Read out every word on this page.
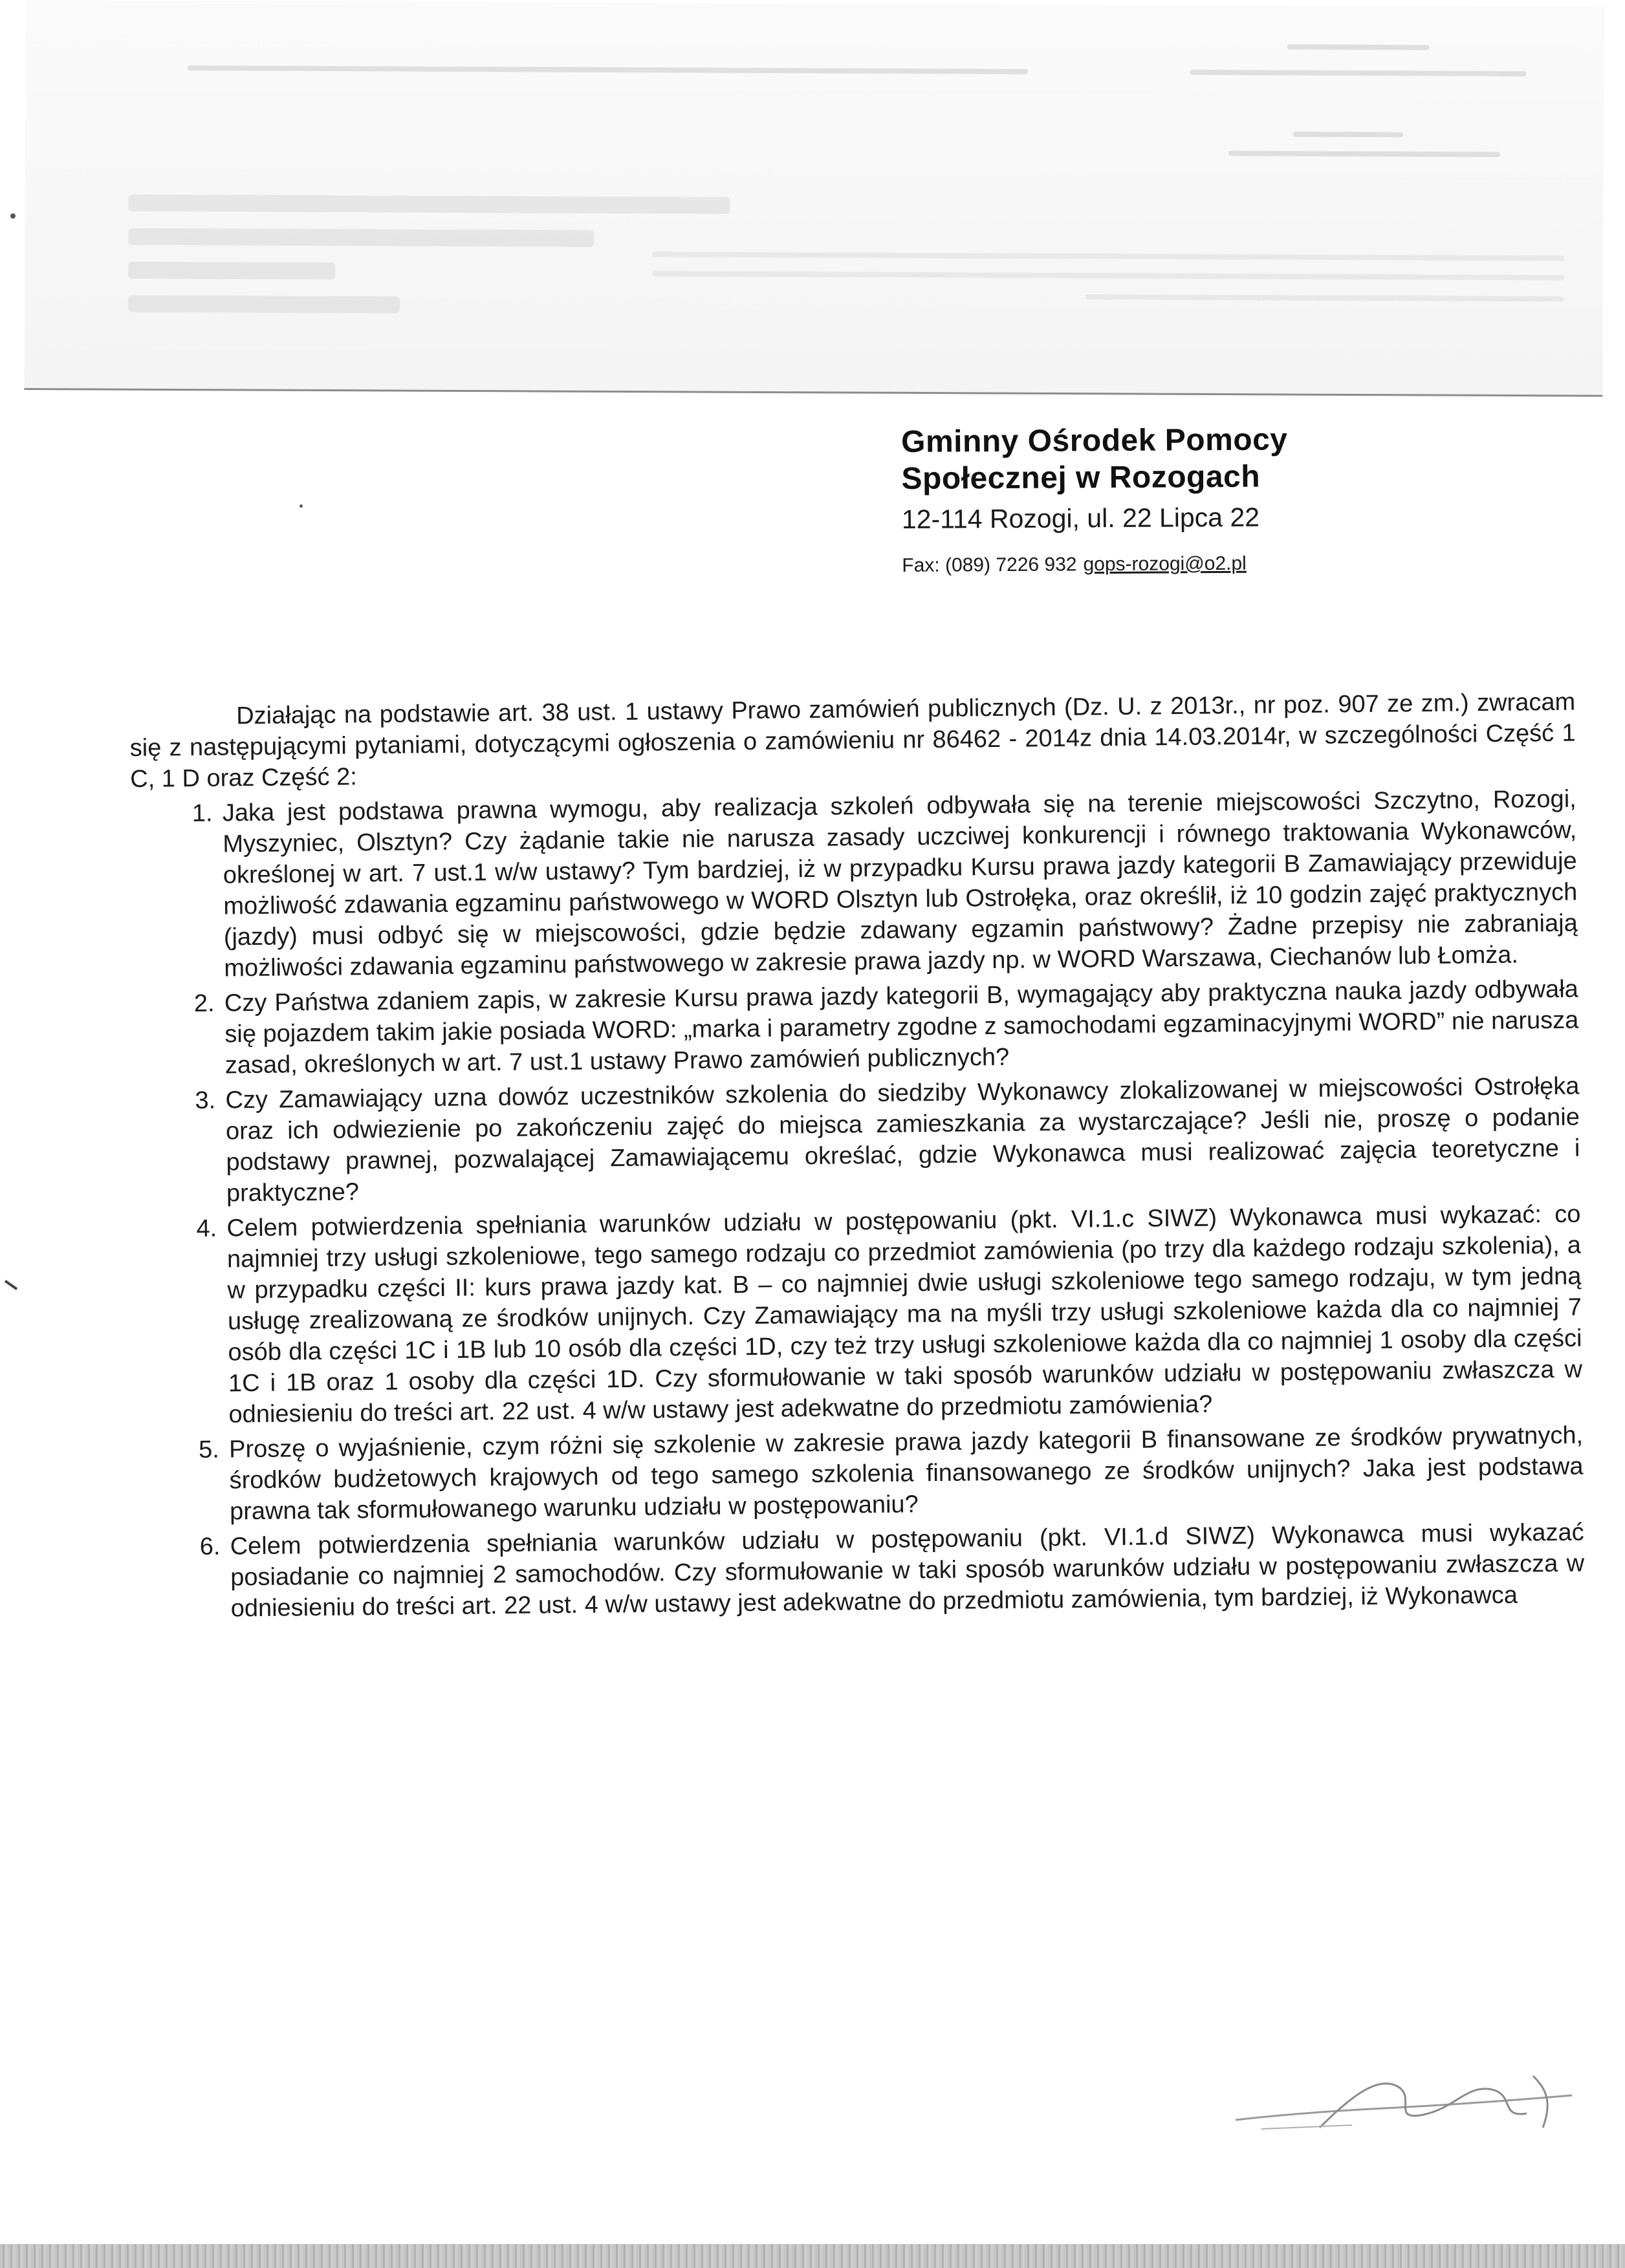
Gminny Ośrodek Pomocy
Społecznej w Rozogach
12-114 Rozogi, ul. 22 Lipca 22
Fax: (089) 7226 932 gops-rozogi@o2.pl

Działając na podstawie art. 38 ust. 1 ustawy Prawo zamówień publicznych (Dz. U. z 2013r., nr poz. 907 ze zm.) zwracam się z następującymi pytaniami, dotyczącymi ogłoszenia o zamówieniu nr 86462 - 2014z dnia 14.03.2014r, w szczególności Część 1 C, 1 D oraz Część 2:

1. Jaka jest podstawa prawna wymogu, aby realizacja szkoleń odbywała się na terenie miejscowości Szczytno, Rozogi, Myszyniec, Olsztyn? Czy żądanie takie nie narusza zasady uczciwej konkurencji i równego traktowania Wykonawców, określonej w art. 7 ust.1 w/w ustawy? Tym bardziej, iż w przypadku Kursu prawa jazdy kategorii B Zamawiający przewiduje możliwość zdawania egzaminu państwowego w WORD Olsztyn lub Ostrołęka, oraz określił, iż 10 godzin zajęć praktycznych (jazdy) musi odbyć się w miejscowości, gdzie będzie zdawany egzamin państwowy? Żadne przepisy nie zabraniają możliwości zdawania egzaminu państwowego w zakresie prawa jazdy np. w WORD Warszawa, Ciechanów lub Łomża.
2. Czy Państwa zdaniem zapis, w zakresie Kursu prawa jazdy kategorii B, wymagający aby praktyczna nauka jazdy odbywała się pojazdem takim jakie posiada WORD: „marka i parametry zgodne z samochodami egzaminacyjnymi WORD” nie narusza zasad, określonych w art. 7 ust.1 ustawy Prawo zamówień publicznych?
3. Czy Zamawiający uzna dowóz uczestników szkolenia do siedziby Wykonawcy zlokalizowanej w miejscowości Ostrołęka oraz ich odwiezienie po zakończeniu zajęć do miejsca zamieszkania za wystarczające? Jeśli nie, proszę o podanie podstawy prawnej, pozwalającej Zamawiającemu określać, gdzie Wykonawca musi realizować zajęcia teoretyczne i praktyczne?
4. Celem potwierdzenia spełniania warunków udziału w postępowaniu (pkt. VI.1.c SIWZ) Wykonawca musi wykazać: co najmniej trzy usługi szkoleniowe, tego samego rodzaju co przedmiot zamówienia (po trzy dla każdego rodzaju szkolenia), a w przypadku części II: kurs prawa jazdy kat. B – co najmniej dwie usługi szkoleniowe tego samego rodzaju, w tym jedną usługę zrealizowaną ze środków unijnych. Czy Zamawiający ma na myśli trzy usługi szkoleniowe każda dla co najmniej 7 osób dla części 1C i 1B lub 10 osób dla części 1D, czy też trzy usługi szkoleniowe każda dla co najmniej 1 osoby dla części 1C i 1B oraz 1 osoby dla części 1D. Czy sformułowanie w taki sposób warunków udziału w postępowaniu zwłaszcza w odniesieniu do treści art. 22 ust. 4 w/w ustawy jest adekwatne do przedmiotu zamówienia?
5. Proszę o wyjaśnienie, czym różni się szkolenie w zakresie prawa jazdy kategorii B finansowane ze środków prywatnych, środków budżetowych krajowych od tego samego szkolenia finansowanego ze środków unijnych? Jaka jest podstawa prawna tak sformułowanego warunku udziału w postępowaniu?
6. Celem potwierdzenia spełniania warunków udziału w postępowaniu (pkt. VI.1.d SIWZ) Wykonawca musi wykazać posiadanie co najmniej 2 samochodów. Czy sformułowanie w taki sposób warunków udziału w postępowaniu zwłaszcza w odniesieniu do treści art. 22 ust. 4 w/w ustawy jest adekwatne do przedmiotu zamówienia, tym bardziej, iż Wykonawca
